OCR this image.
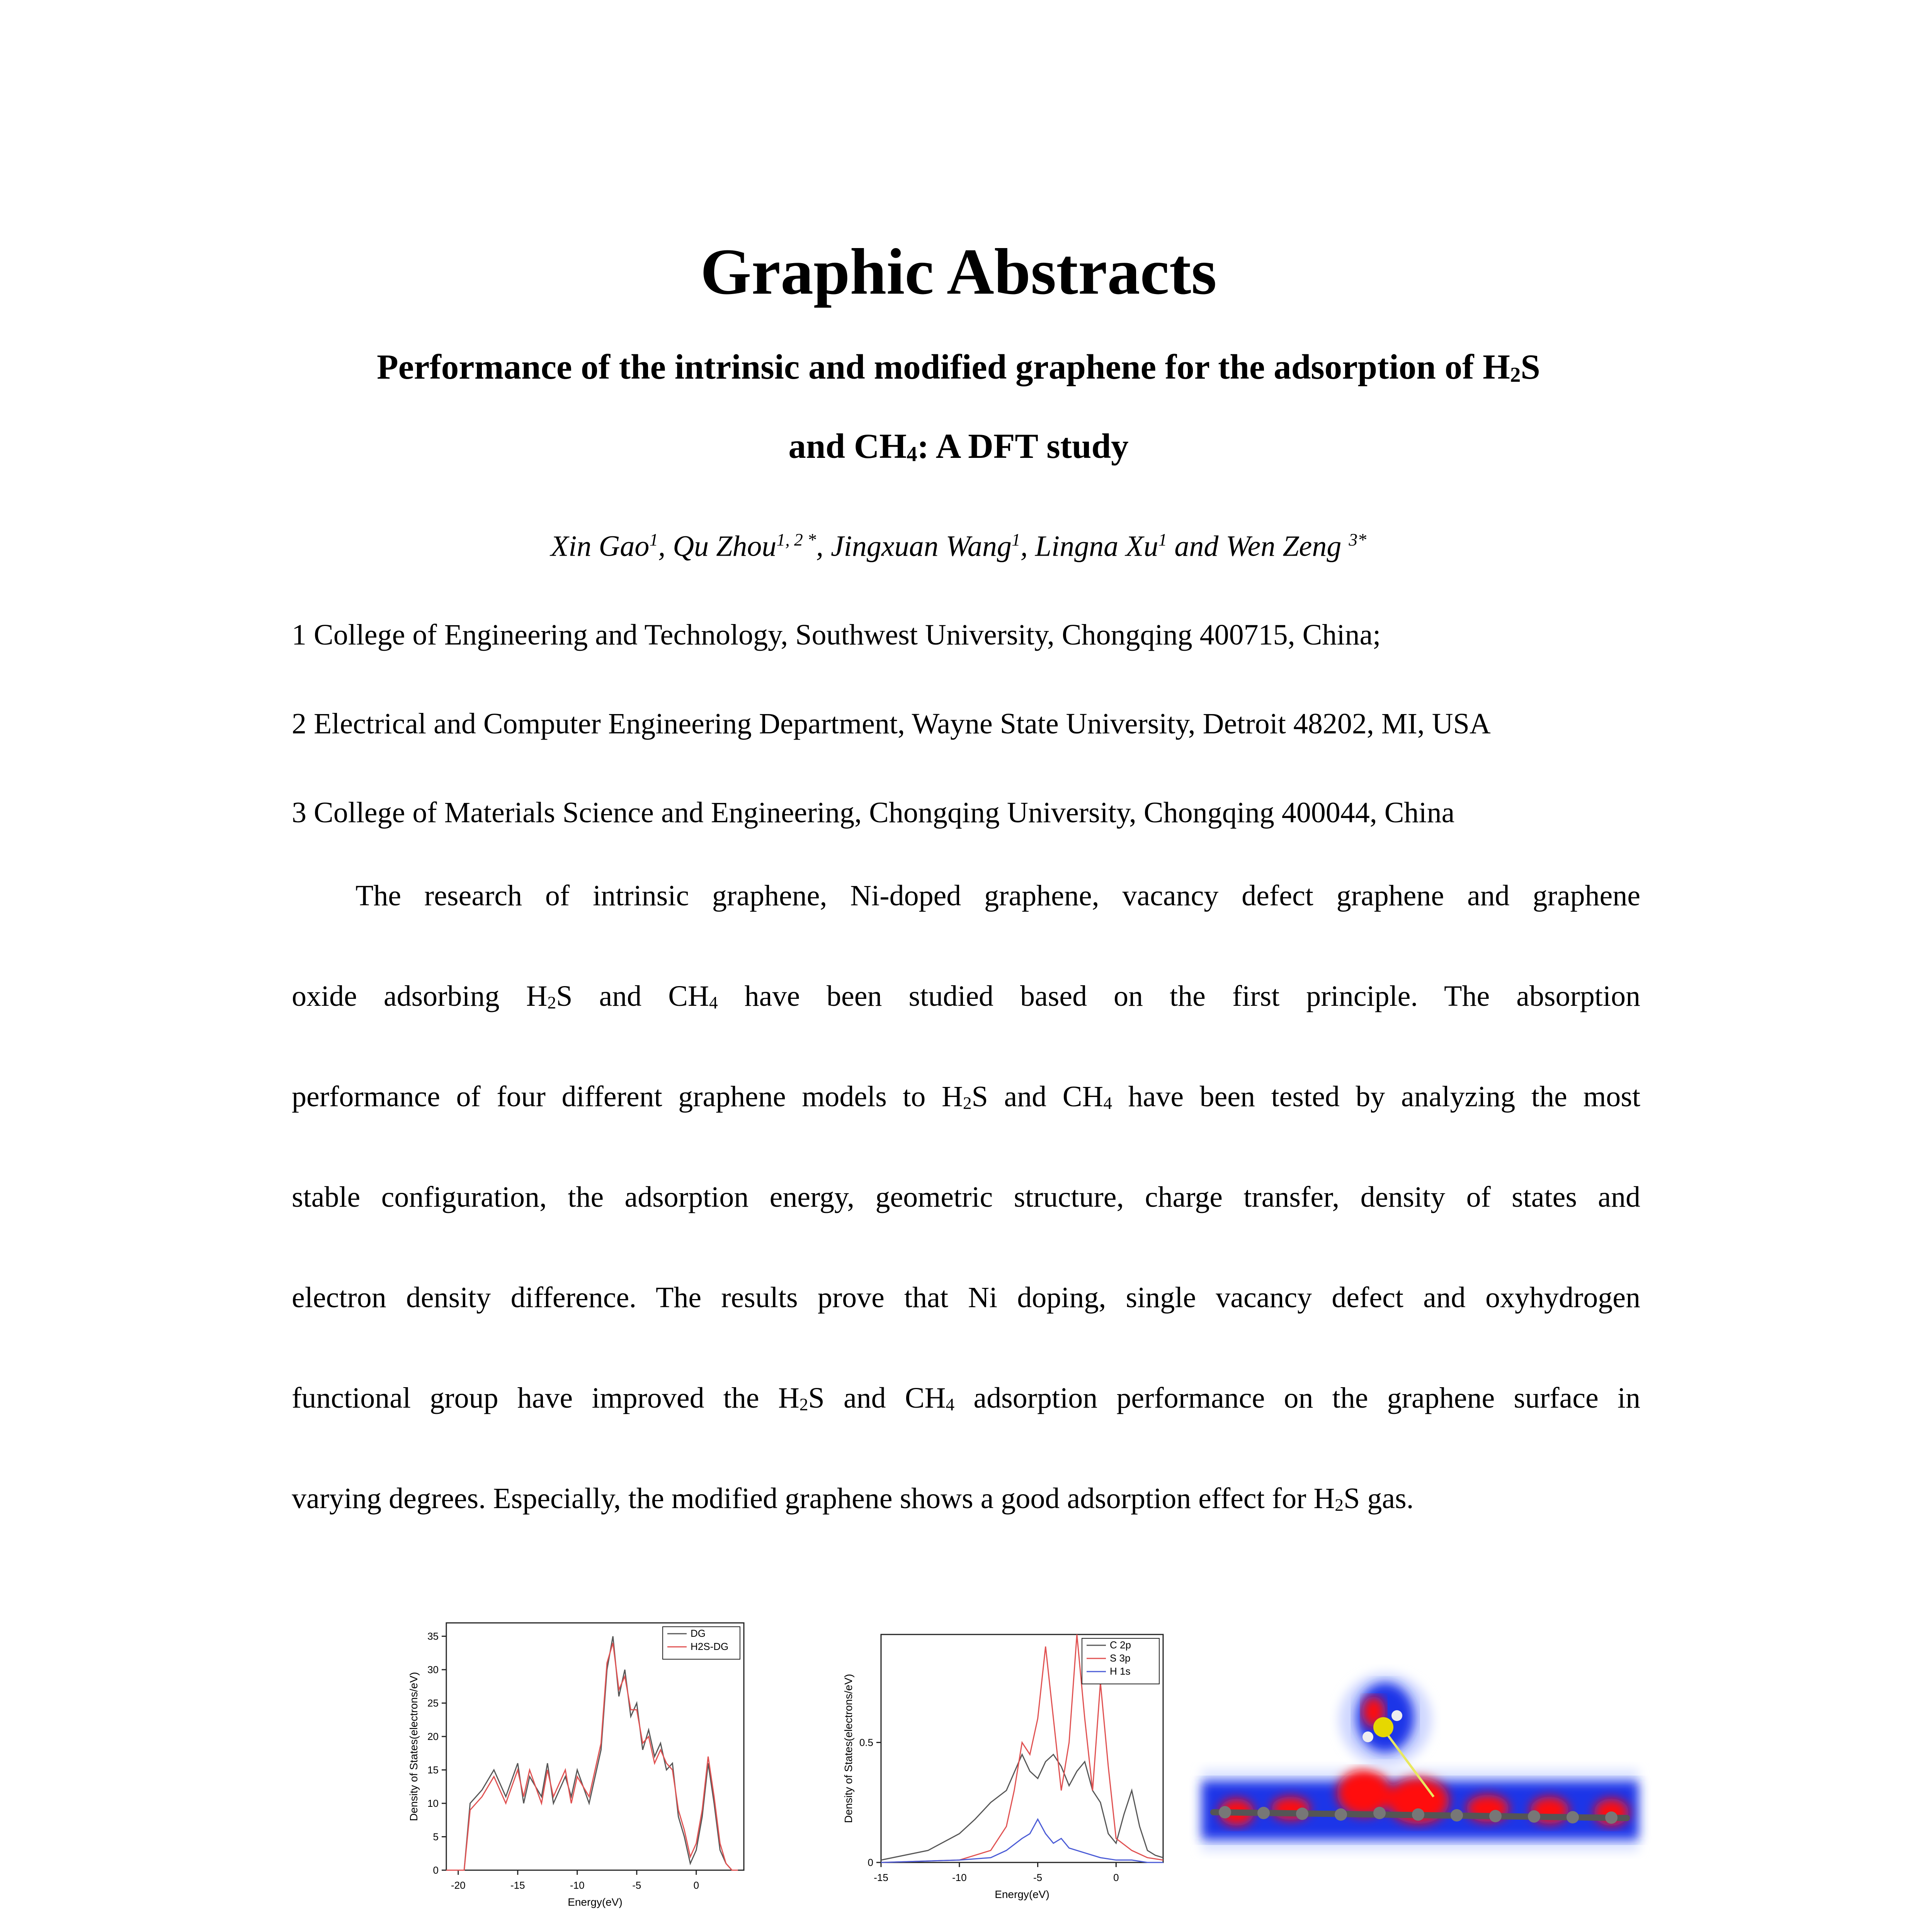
Graphic Abstracts
Performance of the intrinsic and modified graphene for the adsorption of $H_2S$
and $CH_4$: A DFT study
Xin Gao$^1$, Qu Zhou$^{1, 2 *}$, Jingxuan Wang$^1$, Lingna Xu$^1$ and Wen Zeng $^{3*}$
1 College of Engineering and Technology, Southwest University, Chongqing 400715, China;
2 Electrical and Computer Engineering Department, Wayne State University, Detroit 48202, MI, USA
3 College of Materials Science and Engineering, Chongqing University, Chongqing 400044, China
The research of intrinsic graphene, Ni-doped graphene, vacancy defect graphene and graphene
oxide adsorbing $H_2S$ and $CH_4$ have been studied based on the first principle. The absorption
performance of four different graphene models to $H_2S$ and $CH_4$ have been tested by analyzing the most
stable configuration, the adsorption energy, geometric structure, charge transfer, density of states and
electron density difference. The results prove that Ni doping, single vacancy defect and oxyhydrogen
functional group have improved the $H_2S$ and $CH_4$ adsorption performance on the graphene surface in
varying degrees. Especially, the modified graphene shows a good adsorption effect for $H_2S$ gas.
-20	-15	-10	-5	0
0
5
10
15
20
25
30
35
Energy(eV)
Density of States(electrons/eV)
DG
H2S-DG
-15	-10	-5	0
0
0.5
Energy(eV)
Density of States(electrons/eV)
C 2p
S 3p
H 1s
